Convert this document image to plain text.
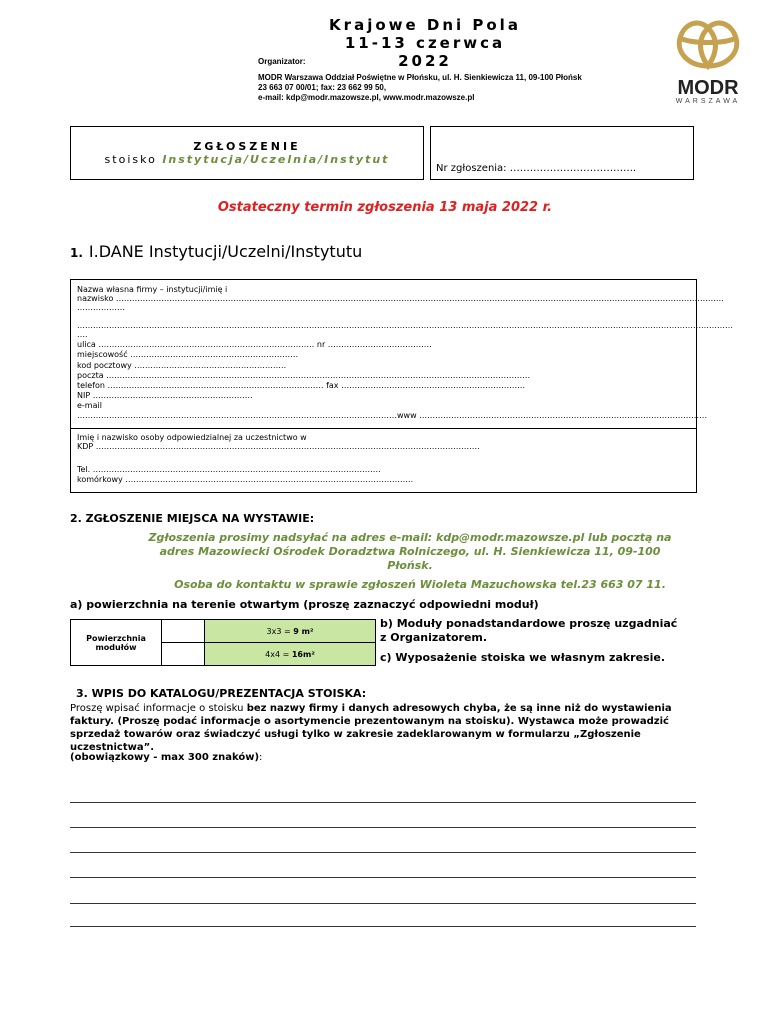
Krajowe Dni Pola
11-13 czerwca 2022
Organizator:
MODR Warszawa Oddział Poświętne w Płońsku, ul. H. Sienkiewicza 11, 09-100 Płońsk
23 663 07 00/01; fax: 23 662 99 50,
e-mail: kdp@modr.mazowsze.pl, www.modr.mazowsze.pl	MODR
WARSZAWA
ZGŁOSZENIE
stoisko Instytucja/Uczelnia/Instytut
Nr zgłoszenia: ………………………………..
Ostateczny termin zgłoszenia 13 maja 2022 r.
1. I.DANE Instytucji/Uczelni/Instytutu
Nazwa własna firmy – instytucji/imię i
nazwisko …………………………………………………………………………………………………………………………………………………………………………………………………………
………………
…………………………………………………………………………………………………………………………………………………………………………………………………………………………
….
ulica ……………………………………………………………………… nr …………………………………
miejscowość ………………………………………………………
kod pocztowy …………………………………………………
poczta ……………………………………………………………………………………………………………………………………………
telefon ……………………………………………………………………… fax ……………………………………………………………
NIP ……………………………………………………
e-mail
…………………………………………………………………………………………………………www ………………………………………………………………………………………………
Imię i nazwisko osoby odpowiedzialnej za uczestnictwo w
KDP ………………………………………………………………………………………………………………………………
Tel. ………………………………………………………………………………………………
komórkowy ………………………………………………………………………………………………
2. ZGŁOSZENIE MIEJSCA NA WYSTAWIE:
Zgłoszenia prosimy nadsyłać na adres e-mail: kdp@modr.mazowsze.pl lub pocztą na
adres Mazowiecki Ośrodek Doradztwa Rolniczego, ul. H. Sienkiewicza 11, 09-100
Płońsk.
Osoba do kontaktu w sprawie zgłoszeń Wioleta Mazuchowska tel.23 663 07 11.
a) powierzchnia na terenie otwartym (proszę zaznaczyć odpowiedni moduł)
Powierzchnia
modułów		3x3 = 9 m²
		4x4 = 16m²
b) Moduły ponadstandardowe proszę uzgadniać
z Organizatorem.
c) Wyposażenie stoiska we własnym zakresie.
3. WPIS DO KATALOGU/PREZENTACJA STOISKA:
Proszę wpisać informacje o stoisku bez nazwy firmy i danych adresowych chyba, że są inne niż do wystawienia faktury. (Proszę podać informacje o asortymencie prezentowanym na stoisku). Wystawca może prowadzić sprzedaż towarów oraz świadczyć usługi tylko w zakresie zadeklarowanym w formularzu „Zgłoszenie uczestnictwa”.
(obowiązkowy - max 300 znaków):
